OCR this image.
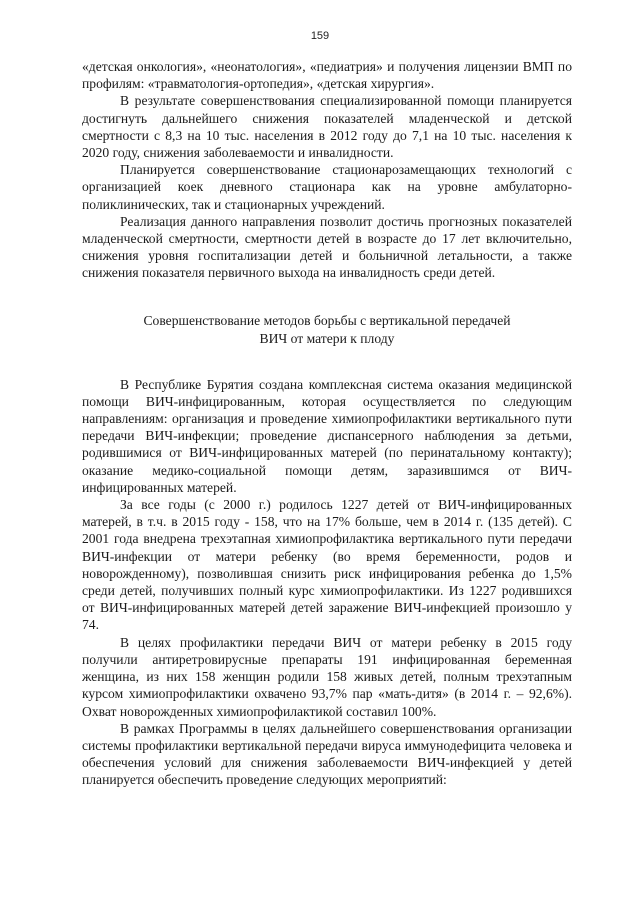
159

«детская онкология», «неонатология», «педиатрия» и получения лицензии ВМП по профилям: «травматология-ортопедия», «детская хирургия».

В результате совершенствования специализированной помощи планируется достигнуть дальнейшего снижения показателей младенческой и детской смертности с 8,3 на 10 тыс. населения в 2012 году до 7,1 на 10 тыс. населения к 2020 году, снижения заболеваемости и инвалидности.

Планируется совершенствование стационарозамещающих технологий с организацией коек дневного стационара как на уровне амбулаторно-поликлинических, так и стационарных учреждений.

Реализация данного направления позволит достичь прогнозных показателей младенческой смертности, смертности детей в возрасте до 17 лет включительно, снижения уровня госпитализации детей и больничной летальности, а также снижения показателя первичного выхода на инвалидность среди детей.

Совершенствование методов борьбы с вертикальной передачей
ВИЧ от матери к плоду

В Республике Бурятия создана комплексная система оказания медицинской помощи ВИЧ-инфицированным, которая осуществляется по следующим направлениям: организация и проведение химиопрофилактики вертикального пути передачи ВИЧ-инфекции; проведение диспансерного наблюдения за детьми, родившимися от ВИЧ-инфицированных матерей (по перинатальному контакту); оказание медико-социальной помощи детям, заразившимся от ВИЧ-инфицированных матерей.

За все годы (с 2000 г.) родилось 1227 детей от ВИЧ-инфицированных матерей, в т.ч. в 2015 году - 158, что на 17% больше, чем в 2014 г. (135 детей). С 2001 года внедрена трехэтапная химиопрофилактика вертикального пути передачи ВИЧ-инфекции от матери ребенку (во время беременности, родов и новорожденному), позволившая снизить риск инфицирования ребенка до 1,5% среди детей, получивших полный курс химиопрофилактики. Из 1227 родившихся от ВИЧ-инфицированных матерей детей заражение ВИЧ-инфекцией произошло у 74.

В целях профилактики передачи ВИЧ от матери ребенку в 2015 году получили антиретровирусные препараты 191 инфицированная беременная женщина, из них 158 женщин родили 158 живых детей, полным трехэтапным курсом химиопрофилактики охвачено 93,7% пар «мать-дитя» (в 2014 г. – 92,6%). Охват новорожденных химиопрофилактикой составил 100%.

В рамках Программы в целях дальнейшего совершенствования организации системы профилактики вертикальной передачи вируса иммунодефицита человека и обеспечения условий для снижения заболеваемости ВИЧ-инфекцией у детей планируется обеспечить проведение следующих мероприятий:
